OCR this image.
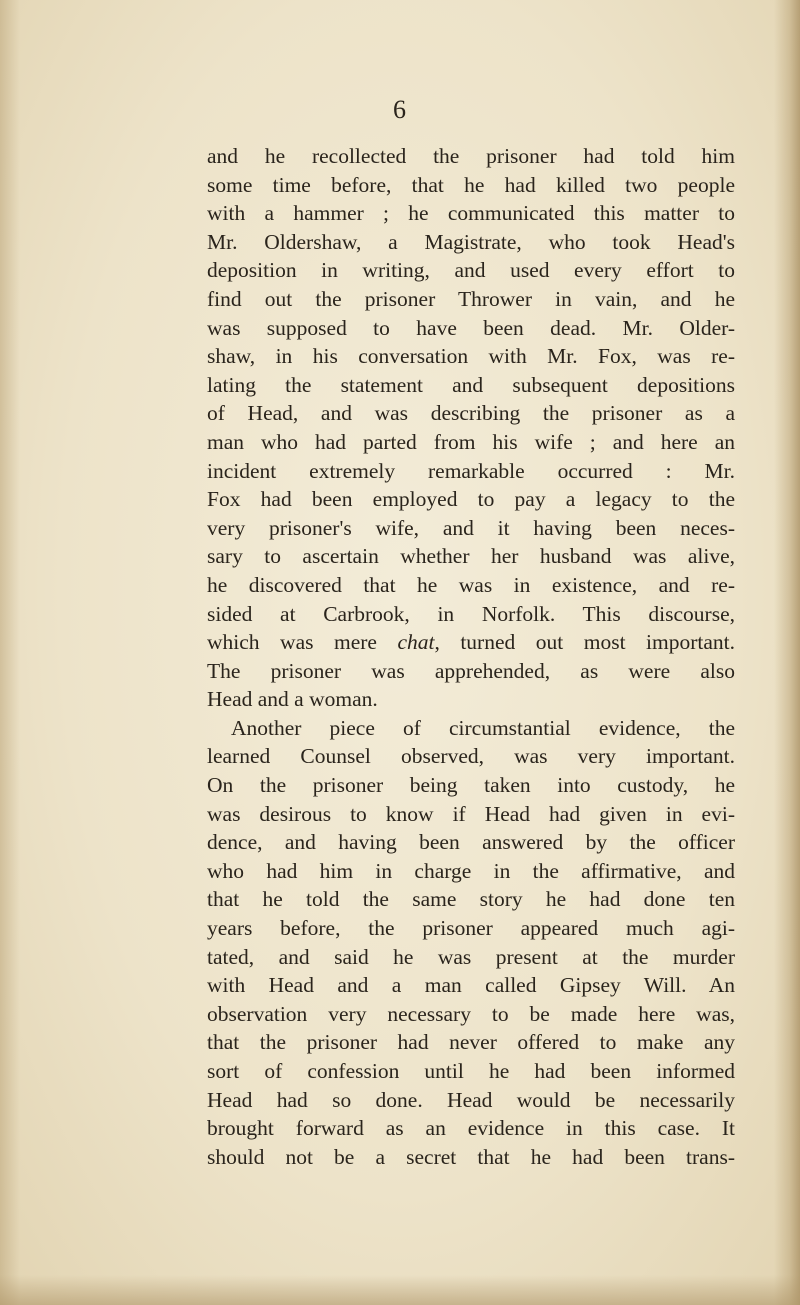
6
and he recollected the prisoner had told him
some time before, that he had killed two people
with a hammer ; he communicated this matter to
Mr. Oldershaw, a Magistrate, who took Head's
deposition in writing, and used every effort to
find out the prisoner Thrower in vain, and he
was supposed to have been dead. Mr. Older-
shaw, in his conversation with Mr. Fox, was re-
lating the statement and subsequent depositions
of Head, and was describing the prisoner as a
man who had parted from his wife ; and here an
incident extremely remarkable occurred : Mr.
Fox had been employed to pay a legacy to the
very prisoner's wife, and it having been neces-
sary to ascertain whether her husband was alive,
he discovered that he was in existence, and re-
sided at Carbrook, in Norfolk. This discourse,
which was mere chat, turned out most important.
The prisoner was apprehended, as were also
Head and a woman.
Another piece of circumstantial evidence, the
learned Counsel observed, was very important.
On the prisoner being taken into custody, he
was desirous to know if Head had given in evi-
dence, and having been answered by the officer
who had him in charge in the affirmative, and
that he told the same story he had done ten
years before, the prisoner appeared much agi-
tated, and said he was present at the murder
with Head and a man called Gipsey Will. An
observation very necessary to be made here was,
that the prisoner had never offered to make any
sort of confession until he had been informed
Head had so done. Head would be necessarily
brought forward as an evidence in this case. It
should not be a secret that he had been trans-
